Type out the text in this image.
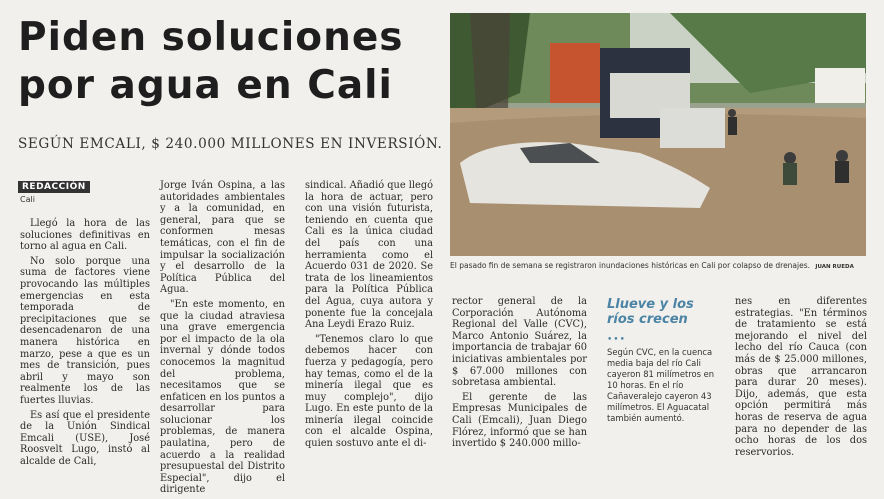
Piden soluciones por agua en Cali
SEGÚN EMCALI, $ 240.000 MILLONES EN INVERSIÓN.
REDACCIÓN
Cali

Llegó la hora de las soluciones definitivas en torno al agua en Cali.

No solo porque una suma de factores viene provocando las múltiples emergencias en esta temporada de precipitaciones que se desencadenaron de una manera histórica en marzo, pese a que es un mes de transición, pues abril y mayo son realmente los de las fuertes lluvias.

Es así que el presidente de la Unión Sindical Emcali (USE), José Roosvelt Lugo, instó al alcalde de Cali,

Jorge Iván Ospina, a las autoridades ambientales y a la comunidad, en general, para que se conformen mesas temáticas, con el fin de impulsar la socialización y el desarrollo de la Política Pública del Agua.

"En este momento, en que la ciudad atraviesa una grave emergencia por el impacto de la ola invernal y dónde todos conocemos la magnitud del problema, necesitamos que se enfaticen en los puntos a desarrollar para solucionar los problemas, de manera paulatina, pero de acuerdo a la realidad presupuestal del Distrito Especial", dijo el dirigente

sindical. Añadió que llegó la hora de actuar, pero con una visión futurista, teniendo en cuenta que Cali es la única ciudad del país con una herramienta como el Acuerdo 031 de 2020. Se trata de los lineamientos para la Política Pública del Agua, cuya autora y ponente fue la concejala Ana Leydi Erazo Ruiz.

"Tenemos claro lo que debemos hacer con fuerza y pedagogía, pero hay temas, como el de la minería ilegal que es muy complejo", dijo Lugo. En este punto de la minería ilegal coincide con el alcalde Ospina, quien sostuvo ante el di-

El pasado fin de semana se registraron inundaciones históricas en Cali por colapso de drenajes. JUAN RUEDA

rector general de la Corporación Autónoma Regional del Valle (CVC), Marco Antonio Suárez, la importancia de trabajar 60 iniciativas ambientales por $ 67.000 millones con sobretasa ambiental.

El gerente de las Empresas Municipales de Cali (Emcali), Juan Diego Flórez, informó que se han invertido $ 240.000 millo-

Llueve y los ríos crecen
•••
Según CVC, en la cuenca media baja del río Cali cayeron 81 milímetros en 10 horas. En el río Cañaveralejo cayeron 43 milímetros. El Aguacatal también aumentó.

nes en diferentes estrategias. "En términos de tratamiento se está mejorando el nivel del lecho del río Cauca (con más de $ 25.000 millones, obras que arrancaron para durar 20 meses). Dijo, además, que esta opción permitirá más horas de reserva de agua para no depender de las ocho horas de los dos reservorios.
